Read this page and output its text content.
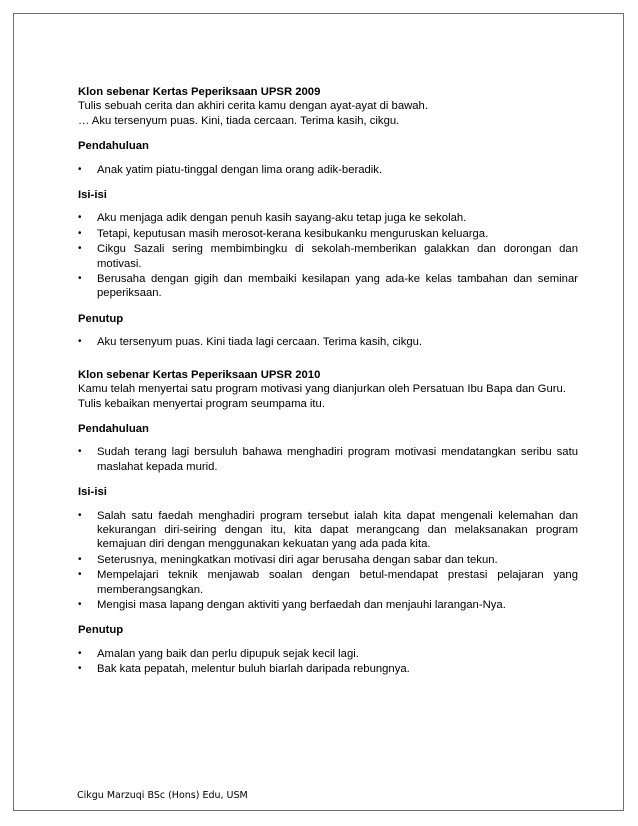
Klon sebenar Kertas Peperiksaan UPSR 2009

Tulis sebuah cerita dan akhiri cerita kamu dengan ayat-ayat di bawah.

… Aku tersenyum puas. Kini, tiada cercaan. Terima kasih, cikgu.

Pendahuluan

• Anak yatim piatu-tinggal dengan lima orang adik-beradik.

Isi-isi

• Aku menjaga adik dengan penuh kasih sayang-aku tetap juga ke sekolah.
• Tetapi, keputusan masih merosot-kerana kesibukanku menguruskan keluarga.
• Cikgu Sazali sering membimbingku di sekolah-memberikan galakkan dan dorongan dan motivasi.
• Berusaha dengan gigih dan membaiki kesilapan yang ada-ke kelas tambahan dan seminar peperiksaan.

Penutup

• Aku tersenyum puas. Kini tiada lagi cercaan. Terima kasih, cikgu.

Klon sebenar Kertas Peperiksaan UPSR 2010

Kamu telah menyertai satu program motivasi yang dianjurkan oleh Persatuan Ibu Bapa dan Guru.

Tulis kebaikan menyertai program seumpama itu.

Pendahuluan

• Sudah terang lagi bersuluh bahawa menghadiri program motivasi mendatangkan seribu satu maslahat kepada murid.

Isi-isi

• Salah satu faedah menghadiri program tersebut ialah kita dapat mengenali kelemahan dan kekurangan diri-seiring dengan itu, kita dapat merangcang dan melaksanakan program kemajuan diri dengan menggunakan kekuatan yang ada pada kita.
• Seterusnya, meningkatkan motivasi diri agar berusaha dengan sabar dan tekun.
• Mempelajari teknik menjawab soalan dengan betul-mendapat prestasi pelajaran yang memberangsangkan.
• Mengisi masa lapang dengan aktiviti yang berfaedah dan menjauhi larangan-Nya.

Penutup

• Amalan yang baik dan perlu dipupuk sejak kecil lagi.
• Bak kata pepatah, melentur buluh biarlah daripada rebungnya.
Cikgu Marzuqi BSc (Hons) Edu, USM
